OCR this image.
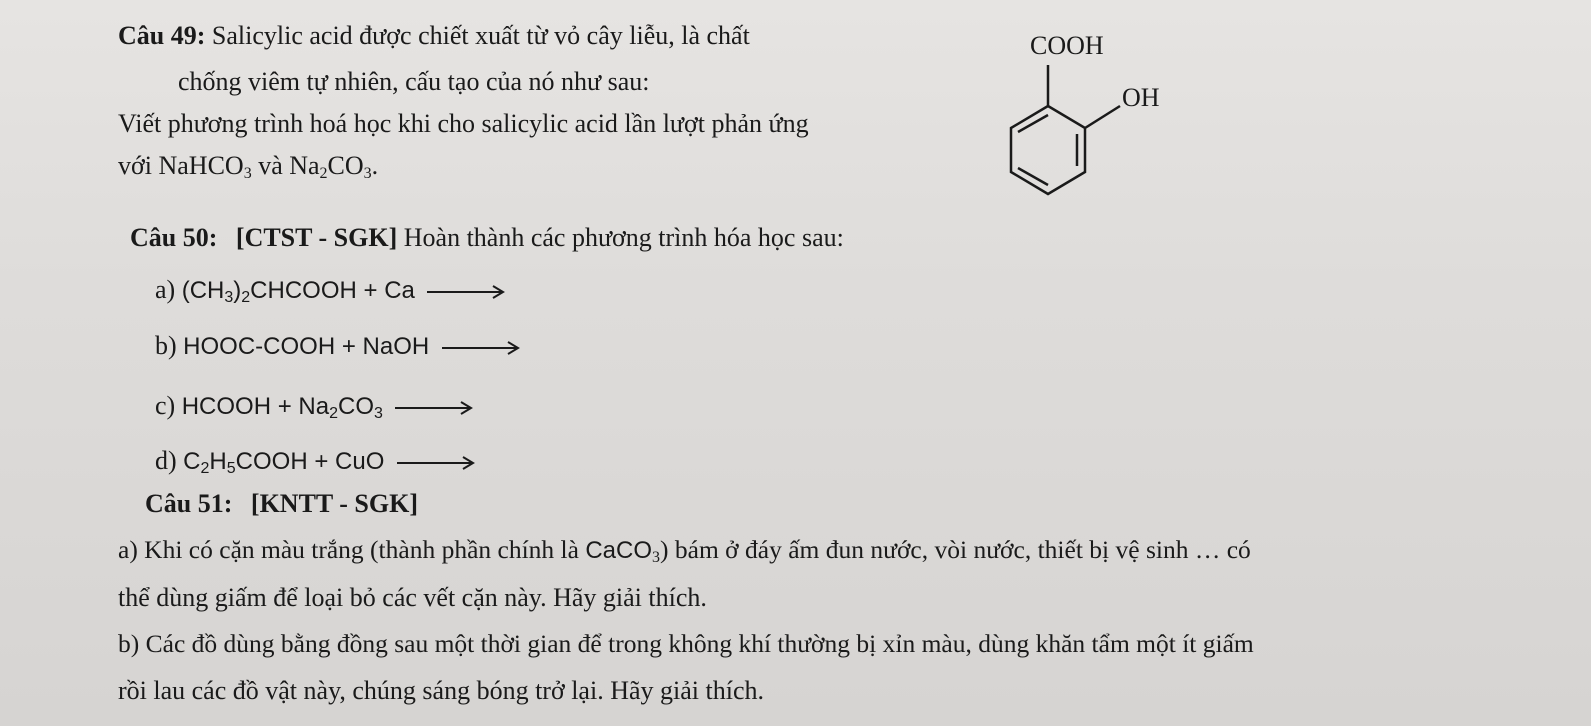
Câu 49: Salicylic acid được chiết xuất từ vỏ cây liễu, là chất
chống viêm tự nhiên, cấu tạo của nó như sau:
Viết phương trình hoá học khi cho salicylic acid lần lượt phản ứng
với NaHCO$_3$ và $Na_2CO_3$.
COOH
OH
Câu 50: [CTST - SGK] Hoàn thành các phương trình hóa học sau:
a) $(CH_3)_2CHCOOH + Ca$ →
b) HOOC-COOH + NaOH →
c) HCOOH + $Na_2CO_3$ →
d) $C_2H_5COOH$ + CuO →
Câu 51: [KNTT - SGK]
a) Khi có cặn màu trắng (thành phần chính là CaCO$_3$) bám ở đáy ấm đun nước, vòi nước, thiết bị vệ sinh … có
thể dùng giấm để loại bỏ các vết cặn này. Hãy giải thích.
b) Các đồ dùng bằng đồng sau một thời gian để trong không khí thường bị xỉn màu, dùng khăn tẩm một ít giấm
rồi lau các đồ vật này, chúng sáng bóng trở lại. Hãy giải thích.
